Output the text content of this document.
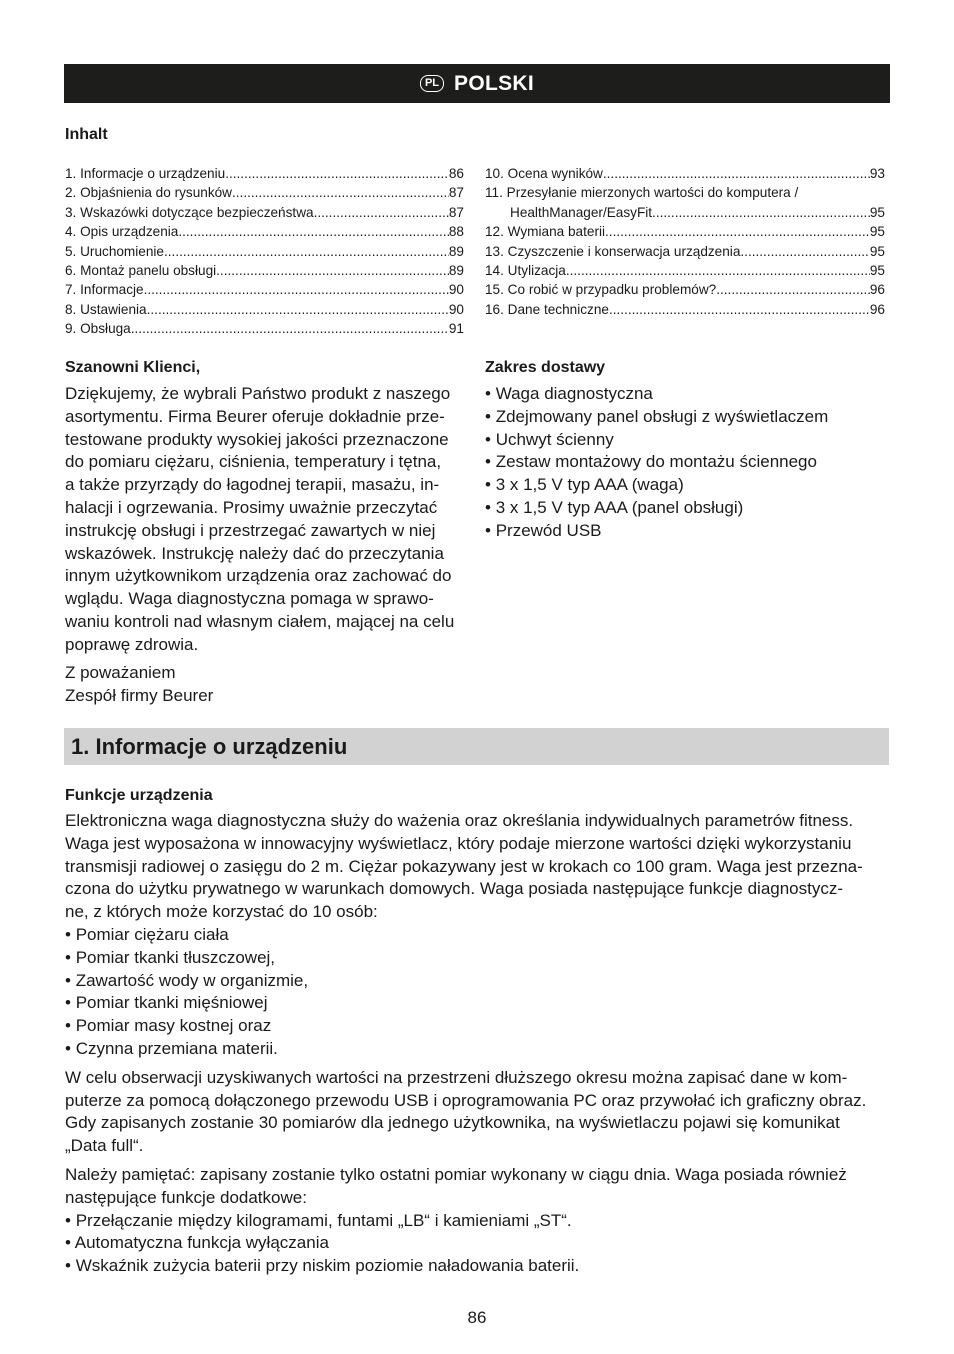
PL POLSKI
Inhalt
1. Informacje o urządzeniu .....	86
2. Objaśnienia do rysunków .....	87
3. Wskazówki dotyczące bezpieczeństwa .....	87
4. Opis urządzenia .....	88
5. Uruchomienie .....	89
6. Montaż panelu obsługi .....	89
7. Informacje .....	90
8. Ustawienia .....	90
9. Obsługa .....	91
10. Ocena wyników .....	93
11. Przesyłanie mierzonych wartości do komputera /
HealthManager/EasyFit .....	95
12. Wymiana baterii .....	95
13. Czyszczenie i konserwacja urządzenia .....	95
14. Utylizacja .....	95
15. Co robić w przypadku problemów? .....	96
16. Dane techniczne .....	96
Szanowni Klienci,

Dziękujemy, że wybrali Państwo produkt z naszego

asortymentu. Firma Beurer oferuje dokładnie prze-

testowane produkty wysokiej jakości przeznaczone

do pomiaru ciężaru, ciśnienia, temperatury i tętna,

a także przyrządy do łagodnej terapii, masażu, in-

halacji i ogrzewania. Prosimy uważnie przeczytać

instrukcję obsługi i przestrzegać zawartych w niej

wskazówek. Instrukcję należy dać do przeczytania

innym użytkownikom urządzenia oraz zachować do

wglądu. Waga diagnostyczna pomaga w sprawo-

waniu kontroli nad własnym ciałem, mającej na celu

poprawę zdrowia.

Z poważaniem

Zespół firmy Beurer

Zakres dostawy
• Waga diagnostyczna
• Zdejmowany panel obsługi z wyświetlaczem
• Uchwyt ścienny
• Zestaw montażowy do montażu ściennego
• 3 x 1,5 V typ AAA (waga)
• 3 x 1,5 V typ AAA (panel obsługi)
• Przewód USB
1. Informacje o urządzeniu
Funkcje urządzenia

Elektroniczna waga diagnostyczna służy do ważenia oraz określania indywidualnych parametrów fitness.

Waga jest wyposażona w innowacyjny wyświetlacz, który podaje mierzone wartości dzięki wykorzystaniu

transmisji radiowej o zasięgu do 2 m. Ciężar pokazywany jest w krokach co 100 gram. Waga jest przezna-

czona do użytku prywatnego w warunkach domowych. Waga posiada następujące funkcje diagnostycz-

ne, z których może korzystać do 10 osób:

• Pomiar ciężaru ciała
• Pomiar tkanki tłuszczowej,
• Zawartość wody w organizmie,
• Pomiar tkanki mięśniowej
• Pomiar masy kostnej oraz
• Czynna przemiana materii.

W celu obserwacji uzyskiwanych wartości na przestrzeni dłuższego okresu można zapisać dane w kom-

puterze za pomocą dołączonego przewodu USB i oprogramowania PC oraz przywołać ich graficzny obraz.

Gdy zapisanych zostanie 30 pomiarów dla jednego użytkownika, na wyświetlaczu pojawi się komunikat

„Data full“.

Należy pamiętać: zapisany zostanie tylko ostatni pomiar wykonany w ciągu dnia. Waga posiada również

następujące funkcje dodatkowe:

• Przełączanie między kilogramami, funtami „LB“ i kamieniami „ST“.
• Automatyczna funkcja wyłączania
• Wskaźnik zużycia baterii przy niskim poziomie naładowania baterii.
86
